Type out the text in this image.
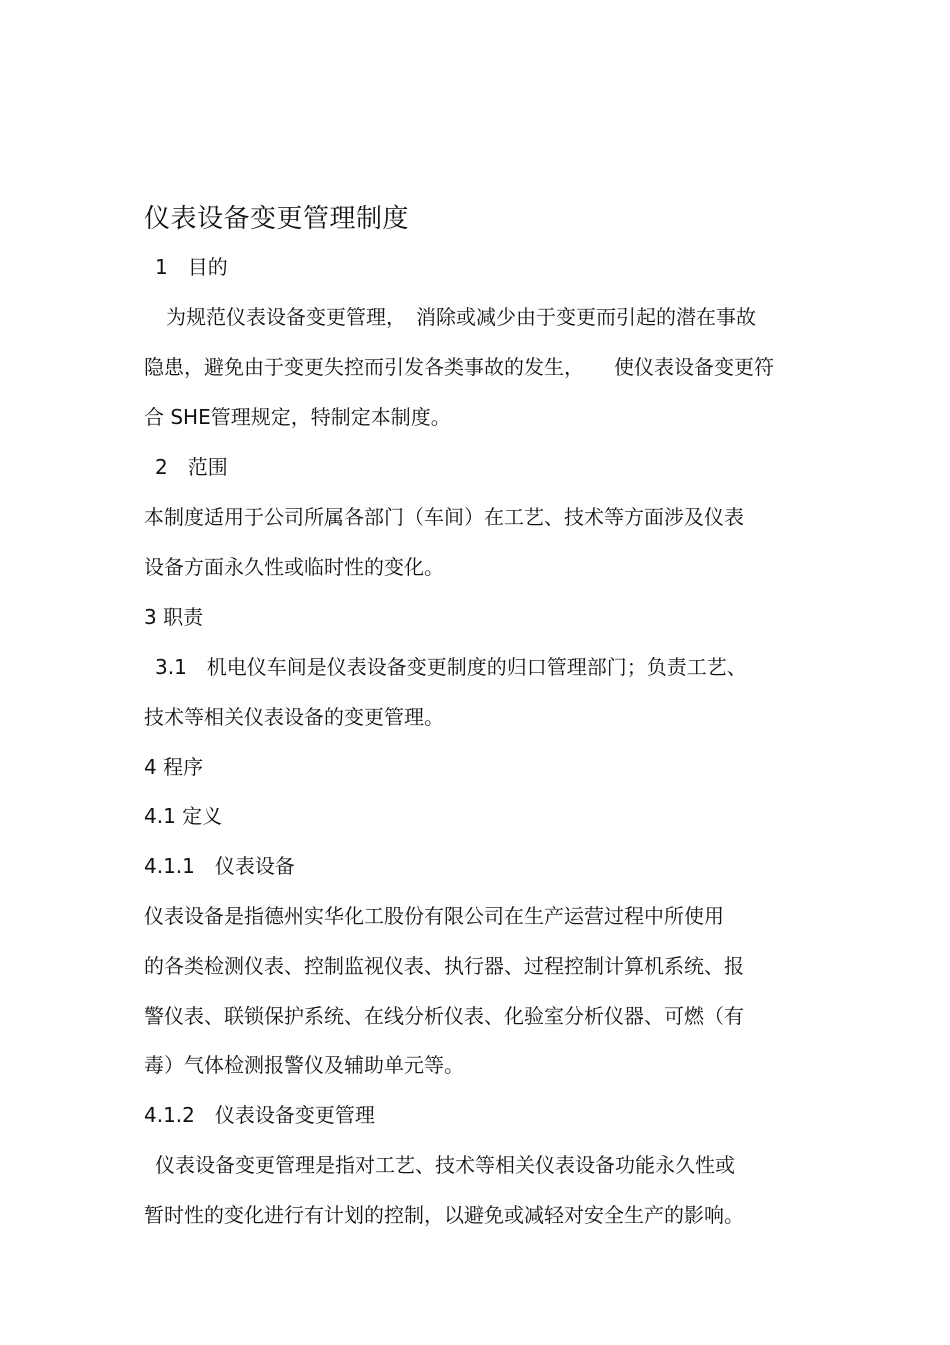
仪表设备变更管理制度
1　目的
为规范仪表设备变更管理，　消除或减少由于变更而引起的潜在事故
隐患，避免由于变更失控而引发各类事故的发生，　　使仪表设备变更符
合 SHE管理规定，特制定本制度。
2　范围
本制度适用于公司所属各部门（车间）在工艺、技术等方面涉及仪表
设备方面永久性或临时性的变化。
3 职责
3.1　机电仪车间是仪表设备变更制度的归口管理部门；负责工艺、
技术等相关仪表设备的变更管理。
4 程序
4.1 定义
4.1.1　仪表设备
仪表设备是指德州实华化工股份有限公司在生产运营过程中所使用
的各类检测仪表、控制监视仪表、执行器、过程控制计算机系统、报
警仪表、联锁保护系统、在线分析仪表、化验室分析仪器、可燃（有
毒）气体检测报警仪及辅助单元等。
4.1.2　仪表设备变更管理
仪表设备变更管理是指对工艺、技术等相关仪表设备功能永久性或
暂时性的变化进行有计划的控制，以避免或减轻对安全生产的影响。
